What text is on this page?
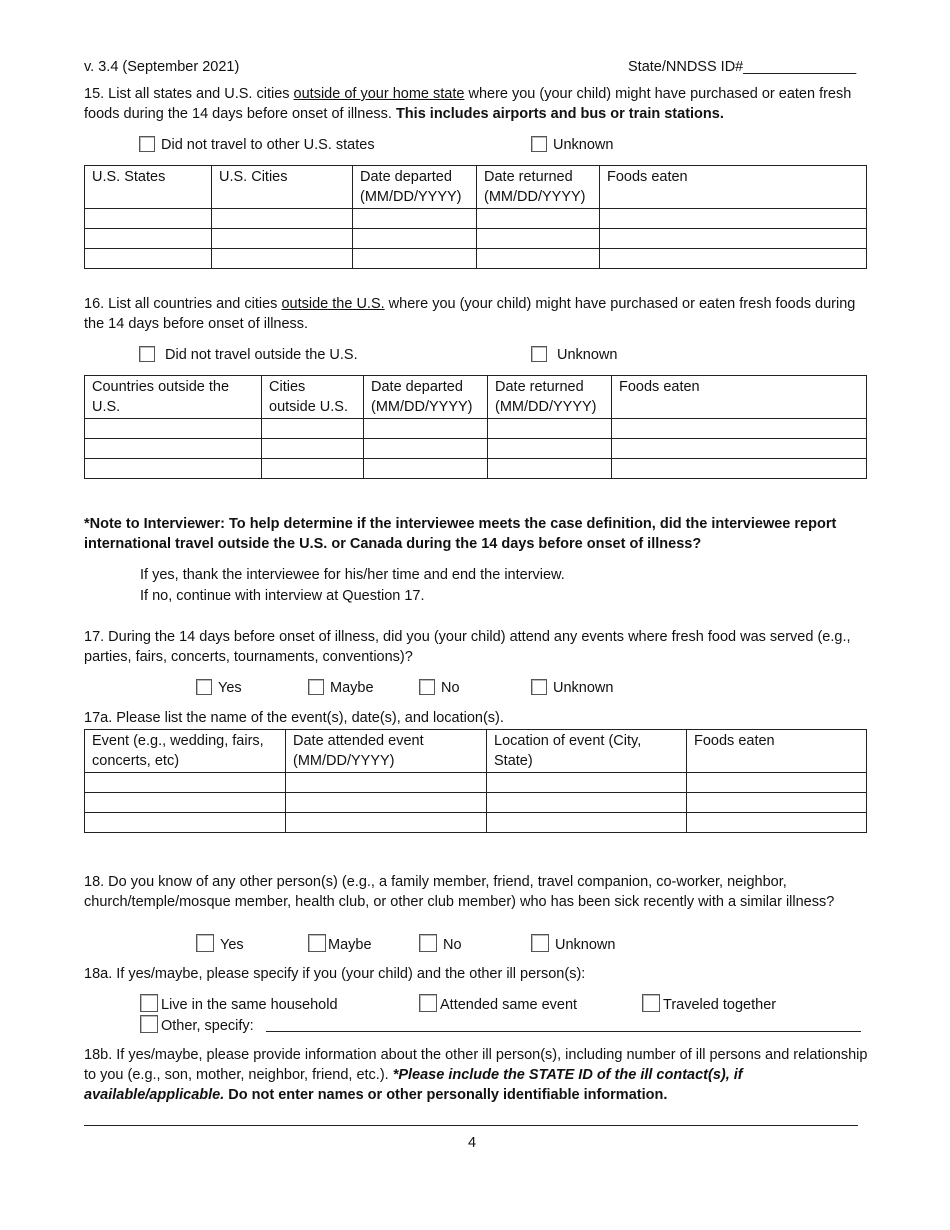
v. 3.4 (September 2021)	State/NNDSS ID#______________
15. List all states and U.S. cities outside of your home state where you (your child) might have purchased or eaten fresh foods during the 14 days before onset of illness. This includes airports and bus or train stations.
Did not travel to other U.S. states	Unknown
U.S. States	U.S. Cities	Date departed (MM/DD/YYYY)	Date returned (MM/DD/YYYY)	Foods eaten

16. List all countries and cities outside the U.S. where you (your child) might have purchased or eaten fresh foods during the 14 days before onset of illness.
Did not travel outside the U.S.	Unknown
Countries outside the U.S.	Cities outside U.S.	Date departed (MM/DD/YYYY)	Date returned (MM/DD/YYYY)	Foods eaten

*Note to Interviewer: To help determine if the interviewee meets the case definition, did the interviewee report international travel outside the U.S. or Canada during the 14 days before onset of illness?
If yes, thank the interviewee for his/her time and end the interview.
If no, continue with interview at Question 17.
17. During the 14 days before onset of illness, did you (your child) attend any events where fresh food was served (e.g., parties, fairs, concerts, tournaments, conventions)?
Yes	Maybe	No	Unknown
17a. Please list the name of the event(s), date(s), and location(s).
Event (e.g., wedding, fairs, concerts, etc)	Date attended event (MM/DD/YYYY)	Location of event (City, State)	Foods eaten

18. Do you know of any other person(s) (e.g., a family member, friend, travel companion, co-worker, neighbor, church/temple/mosque member, health club, or other club member) who has been sick recently with a similar illness?
Yes	Maybe	No	Unknown
18a. If yes/maybe, please specify if you (your child) and the other ill person(s):
Live in the same household	Attended same event	Traveled together
Other, specify:
18b. If yes/maybe, please provide information about the other ill person(s), including number of ill persons and relationship to you (e.g., son, mother, neighbor, friend, etc.). *Please include the STATE ID of the ill contact(s), if available/applicable. Do not enter names or other personally identifiable information.
4
